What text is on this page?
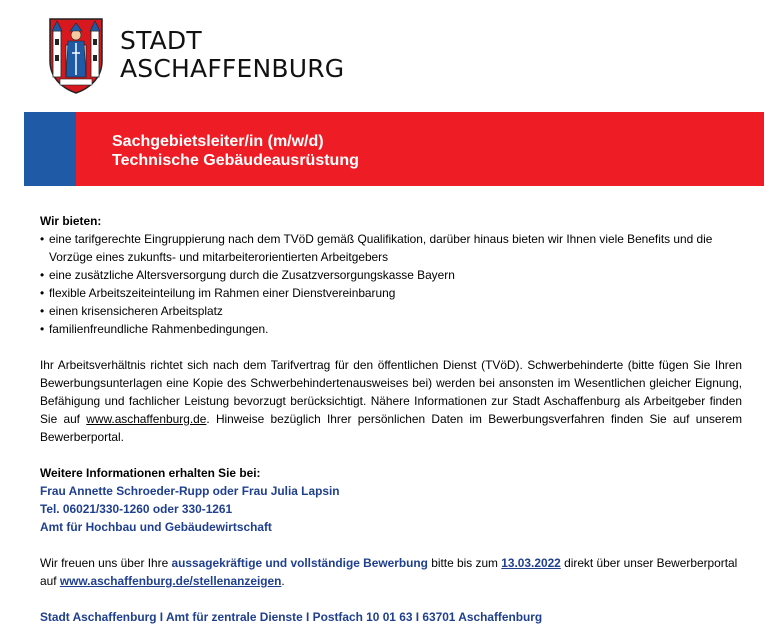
STADT
ASCHAFFENBURG
Sachgebietsleiter/in (m/w/d)
Technische Gebäudeausrüstung
Wir bieten:
• eine tarifgerechte Eingruppierung nach dem TVöD gemäß Qualifikation, darüber hinaus bieten wir Ihnen viele Benefits und die Vorzüge eines zukunfts- und mitarbeiterorientierten Arbeitgebers
• eine zusätzliche Altersversorgung durch die Zusatzversorgungskasse Bayern
• flexible Arbeitszeiteinteilung im Rahmen einer Dienstvereinbarung
• einen krisensicheren Arbeitsplatz
• familienfreundliche Rahmenbedingungen.
Ihr Arbeitsverhältnis richtet sich nach dem Tarifvertrag für den öffentlichen Dienst (TVöD). Schwerbehinderte (bitte fügen Sie Ihren Bewerbungsunterlagen eine Kopie des Schwerbehindertenausweises bei) werden bei ansonsten im Wesentlichen gleicher Eignung, Befähigung und fachlicher Leistung bevorzugt berücksichtigt. Nähere Informationen zur Stadt Aschaffenburg als Arbeitgeber finden Sie auf www.aschaffenburg.de. Hinweise bezüglich Ihrer persönlichen Daten im Bewerbungsverfahren finden Sie auf unserem Bewerberportal.
Weitere Informationen erhalten Sie bei:
Frau Annette Schroeder-Rupp oder Frau Julia Lapsin
Tel. 06021/330-1260 oder 330-1261
Amt für Hochbau und Gebäudewirtschaft
Wir freuen uns über Ihre aussagekräftige und vollständige Bewerbung bitte bis zum 13.03.2022 direkt über unser Bewerberportal auf www.aschaffenburg.de/stellenanzeigen.
Stadt Aschaffenburg I Amt für zentrale Dienste I Postfach 10 01 63 I 63701 Aschaffenburg
